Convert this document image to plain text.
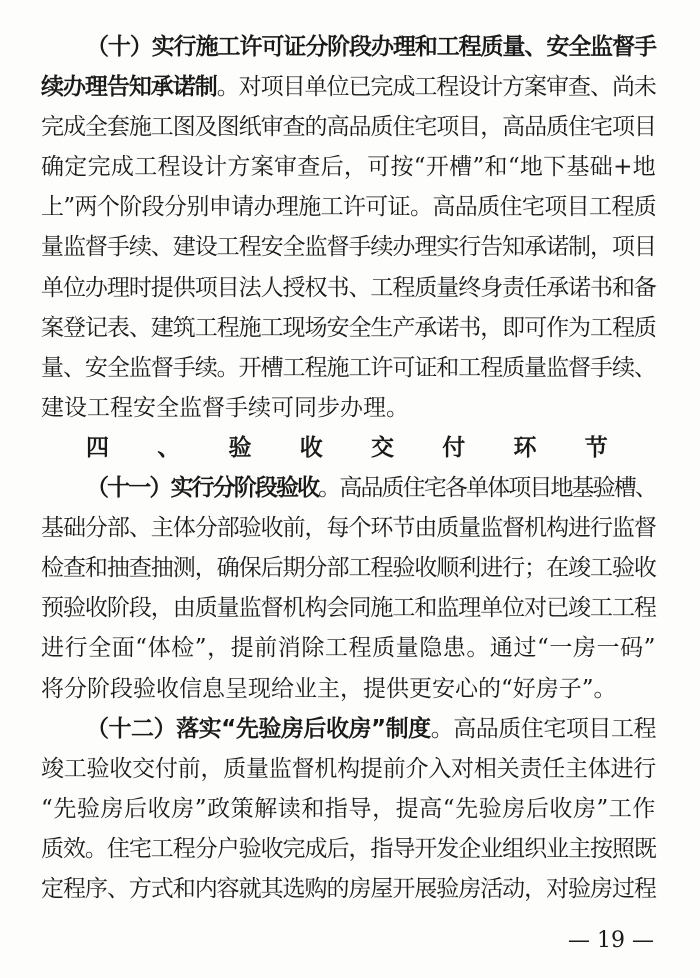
（十）实行施工许可证分阶段办理和工程质量、安全监督手
续办理告知承诺制。对项目单位已完成工程设计方案审查、尚未
完成全套施工图及图纸审查的高品质住宅项目，高品质住宅项目
确定完成工程设计方案审查后，可按“开槽”和“地下基础+地
上”两个阶段分别申请办理施工许可证。高品质住宅项目工程质
量监督手续、建设工程安全监督手续办理实行告知承诺制，项目
单位办理时提供项目法人授权书、工程质量终身责任承诺书和备
案登记表、建筑工程施工现场安全生产承诺书，即可作为工程质
量、安全监督手续。开槽工程施工许可证和工程质量监督手续、
建设工程安全监督手续可同步办理。
四、验收交付环节
（十一）实行分阶段验收。高品质住宅各单体项目地基验槽、
基础分部、主体分部验收前，每个环节由质量监督机构进行监督
检查和抽查抽测，确保后期分部工程验收顺利进行；在竣工验收
预验收阶段，由质量监督机构会同施工和监理单位对已竣工工程
进行全面“体检”，提前消除工程质量隐患。通过“一房一码”
将分阶段验收信息呈现给业主，提供更安心的“好房子”。
（十二）落实“先验房后收房”制度。高品质住宅项目工程
竣工验收交付前，质量监督机构提前介入对相关责任主体进行
“先验房后收房”政策解读和指导，提高“先验房后收房”工作
质效。住宅工程分户验收完成后，指导开发企业组织业主按照既
定程序、方式和内容就其选购的房屋开展验房活动，对验房过程
— 19 —
